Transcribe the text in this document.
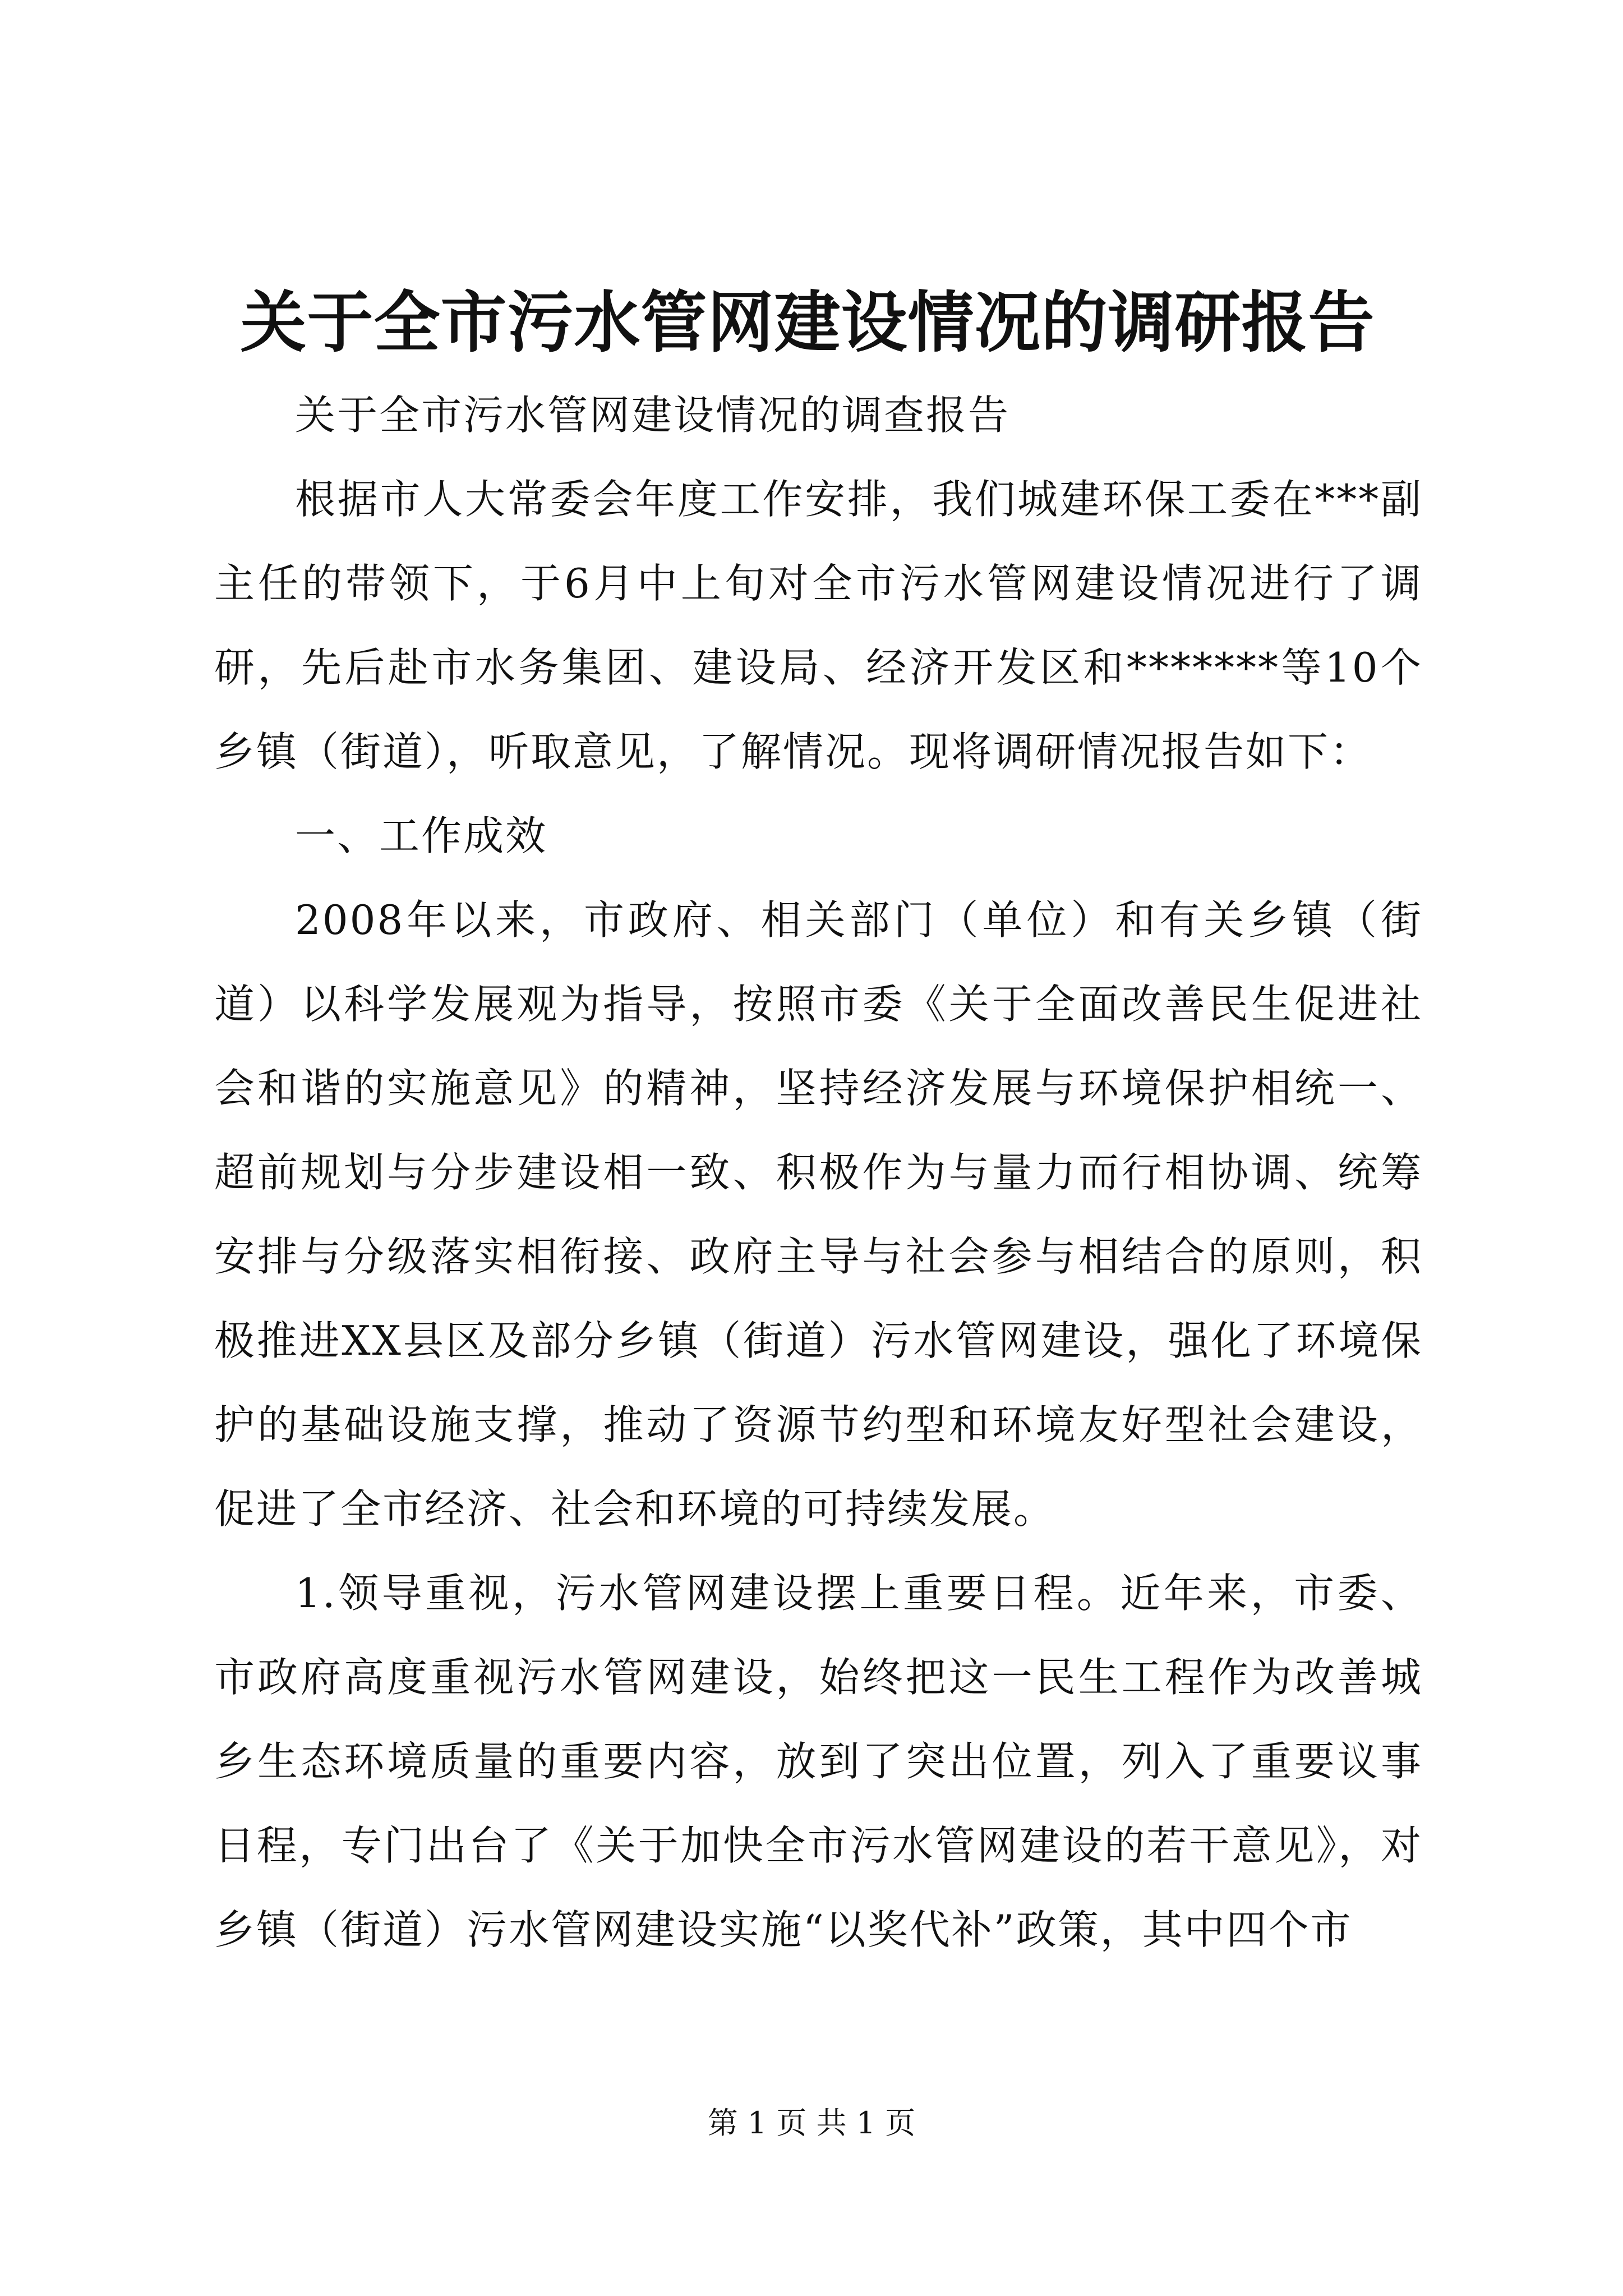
关于全市污水管网建设情况的调研报告

关于全市污水管网建设情况的调查报告

根据市人大常委会年度工作安排，我们城建环保工委在***副主任的带领下，于6月中上旬对全市污水管网建设情况进行了调研，先后赴市水务集团、建设局、经济开发区和*******等10个乡镇（街道），听取意见，了解情况。现将调研情况报告如下：

一、工作成效

2008年以来，市政府、相关部门（单位）和有关乡镇（街道）以科学发展观为指导，按照市委《关于全面改善民生促进社会和谐的实施意见》的精神，坚持经济发展与环境保护相统一、超前规划与分步建设相一致、积极作为与量力而行相协调、统筹安排与分级落实相衔接、政府主导与社会参与相结合的原则，积极推进XX县区及部分乡镇（街道）污水管网建设，强化了环境保护的基础设施支撑，推动了资源节约型和环境友好型社会建设，促进了全市经济、社会和环境的可持续发展。

1.领导重视，污水管网建设摆上重要日程。近年来，市委、市政府高度重视污水管网建设，始终把这一民生工程作为改善城乡生态环境质量的重要内容，放到了突出位置，列入了重要议事日程，专门出台了《关于加快全市污水管网建设的若干意见》，对乡镇（街道）污水管网建设实施“以奖代补”政策，其中四个市

第 1 页 共 1 页
